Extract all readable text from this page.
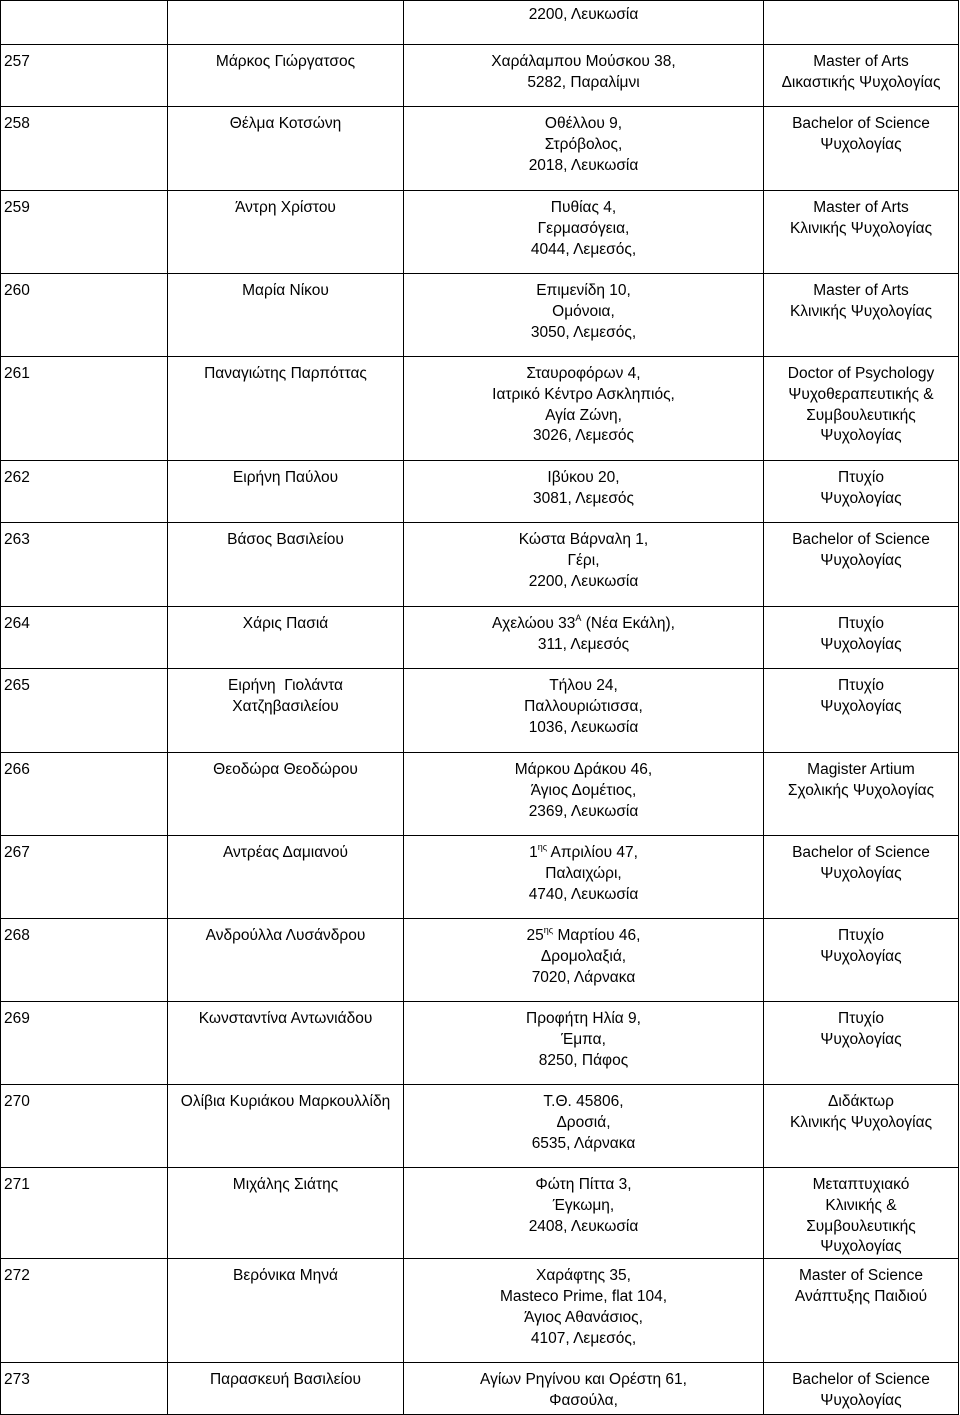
		2200, Λευκωσία	

257	Μάρκος Γιώργατσος	Χαράλαμπου Μούσκου 38,
5282, Παραλίμνι	Master of Arts
Δικαστικής Ψυχολογίας

258	Θέλμα Κοτσώνη	Οθέλλου 9,
Στρόβολος,
2018, Λευκωσία	Bachelor of Science
Ψυχολογίας

259	Άντρη Χρίστου	Πυθίας 4,
Γερμασόγεια,
4044, Λεμεσός,	Master of Arts
Κλινικής Ψυχολογίας

260	Μαρία Νίκου	Επιμενίδη 10,
Ομόνοια,
3050, Λεμεσός,	Master of Arts
Κλινικής Ψυχολογίας

261	Παναγιώτης Παρπόττας	Σταυροφόρων 4,
Ιατρικό Κέντρο Ασκληπιός,
Αγία Ζώνη,
3026, Λεμεσός	Doctor of Psychology
Ψυχοθεραπευτικής &
Συμβουλευτικής
Ψυχολογίας

262	Ειρήνη Παύλου	Ιβύκου 20,
3081, Λεμεσός	Πτυχίο
Ψυχολογίας

263	Βάσος Βασιλείου	Κώστα Βάρναλη 1,
Γέρι,
2200, Λευκωσία	Bachelor of Science
Ψυχολογίας

264	Χάρις Πασιά	Αχελώου $33^A$ (Νέα Εκάλη),
311, Λεμεσός	Πτυχίο
Ψυχολογίας

265	Ειρήνη  Γιολάντα
Χατζηβασιλείου	Τήλου 24,
Παλλουριώτισσα,
1036, Λευκωσία	Πτυχίο
Ψυχολογίας

266	Θεοδώρα Θεοδώρου	Μάρκου Δράκου 46,
Άγιος Δομέτιος,
2369, Λευκωσία	Magister Artium
Σχολικής Ψυχολογίας

267	Αντρέας Δαμιανού	$1^{\eta\varsigma}$ Απριλίου 47,
Παλαιχώρι,
4740, Λευκωσία	Bachelor of Science
Ψυχολογίας

268	Ανδρούλλα Λυσάνδρου	$25^{\eta\varsigma}$ Μαρτίου 46,
Δρομολαξιά,
7020, Λάρνακα	Πτυχίο
Ψυχολογίας

269	Κωνσταντίνα Αντωνιάδου	Προφήτη Ηλία 9,
Έμπα,
8250, Πάφος	Πτυχίο
Ψυχολογίας

270	Ολίβια Κυριάκου Μαρκουλλίδη	Τ.Θ. 45806,
Δροσιά,
6535, Λάρνακα	Διδάκτωρ
Κλινικής Ψυχολογίας

271	Μιχάλης Σιάτης	Φώτη Πίττα 3,
Έγκωμη,
2408, Λευκωσία	Μεταπτυχιακό
Κλινικής &
Συμβουλευτικής
Ψυχολογίας

272	Βερόνικα Μηνά	Χαράφτης 35,
Masteco Prime, flat 104,
Άγιος Αθανάσιος,
4107, Λεμεσός,	Master of Science
Ανάπτυξης Παιδιού

273	Παρασκευή Βασιλείου	Αγίων Ρηγίνου και Ορέστη 61,
Φασούλα,	Bachelor of Science
Ψυχολογίας
